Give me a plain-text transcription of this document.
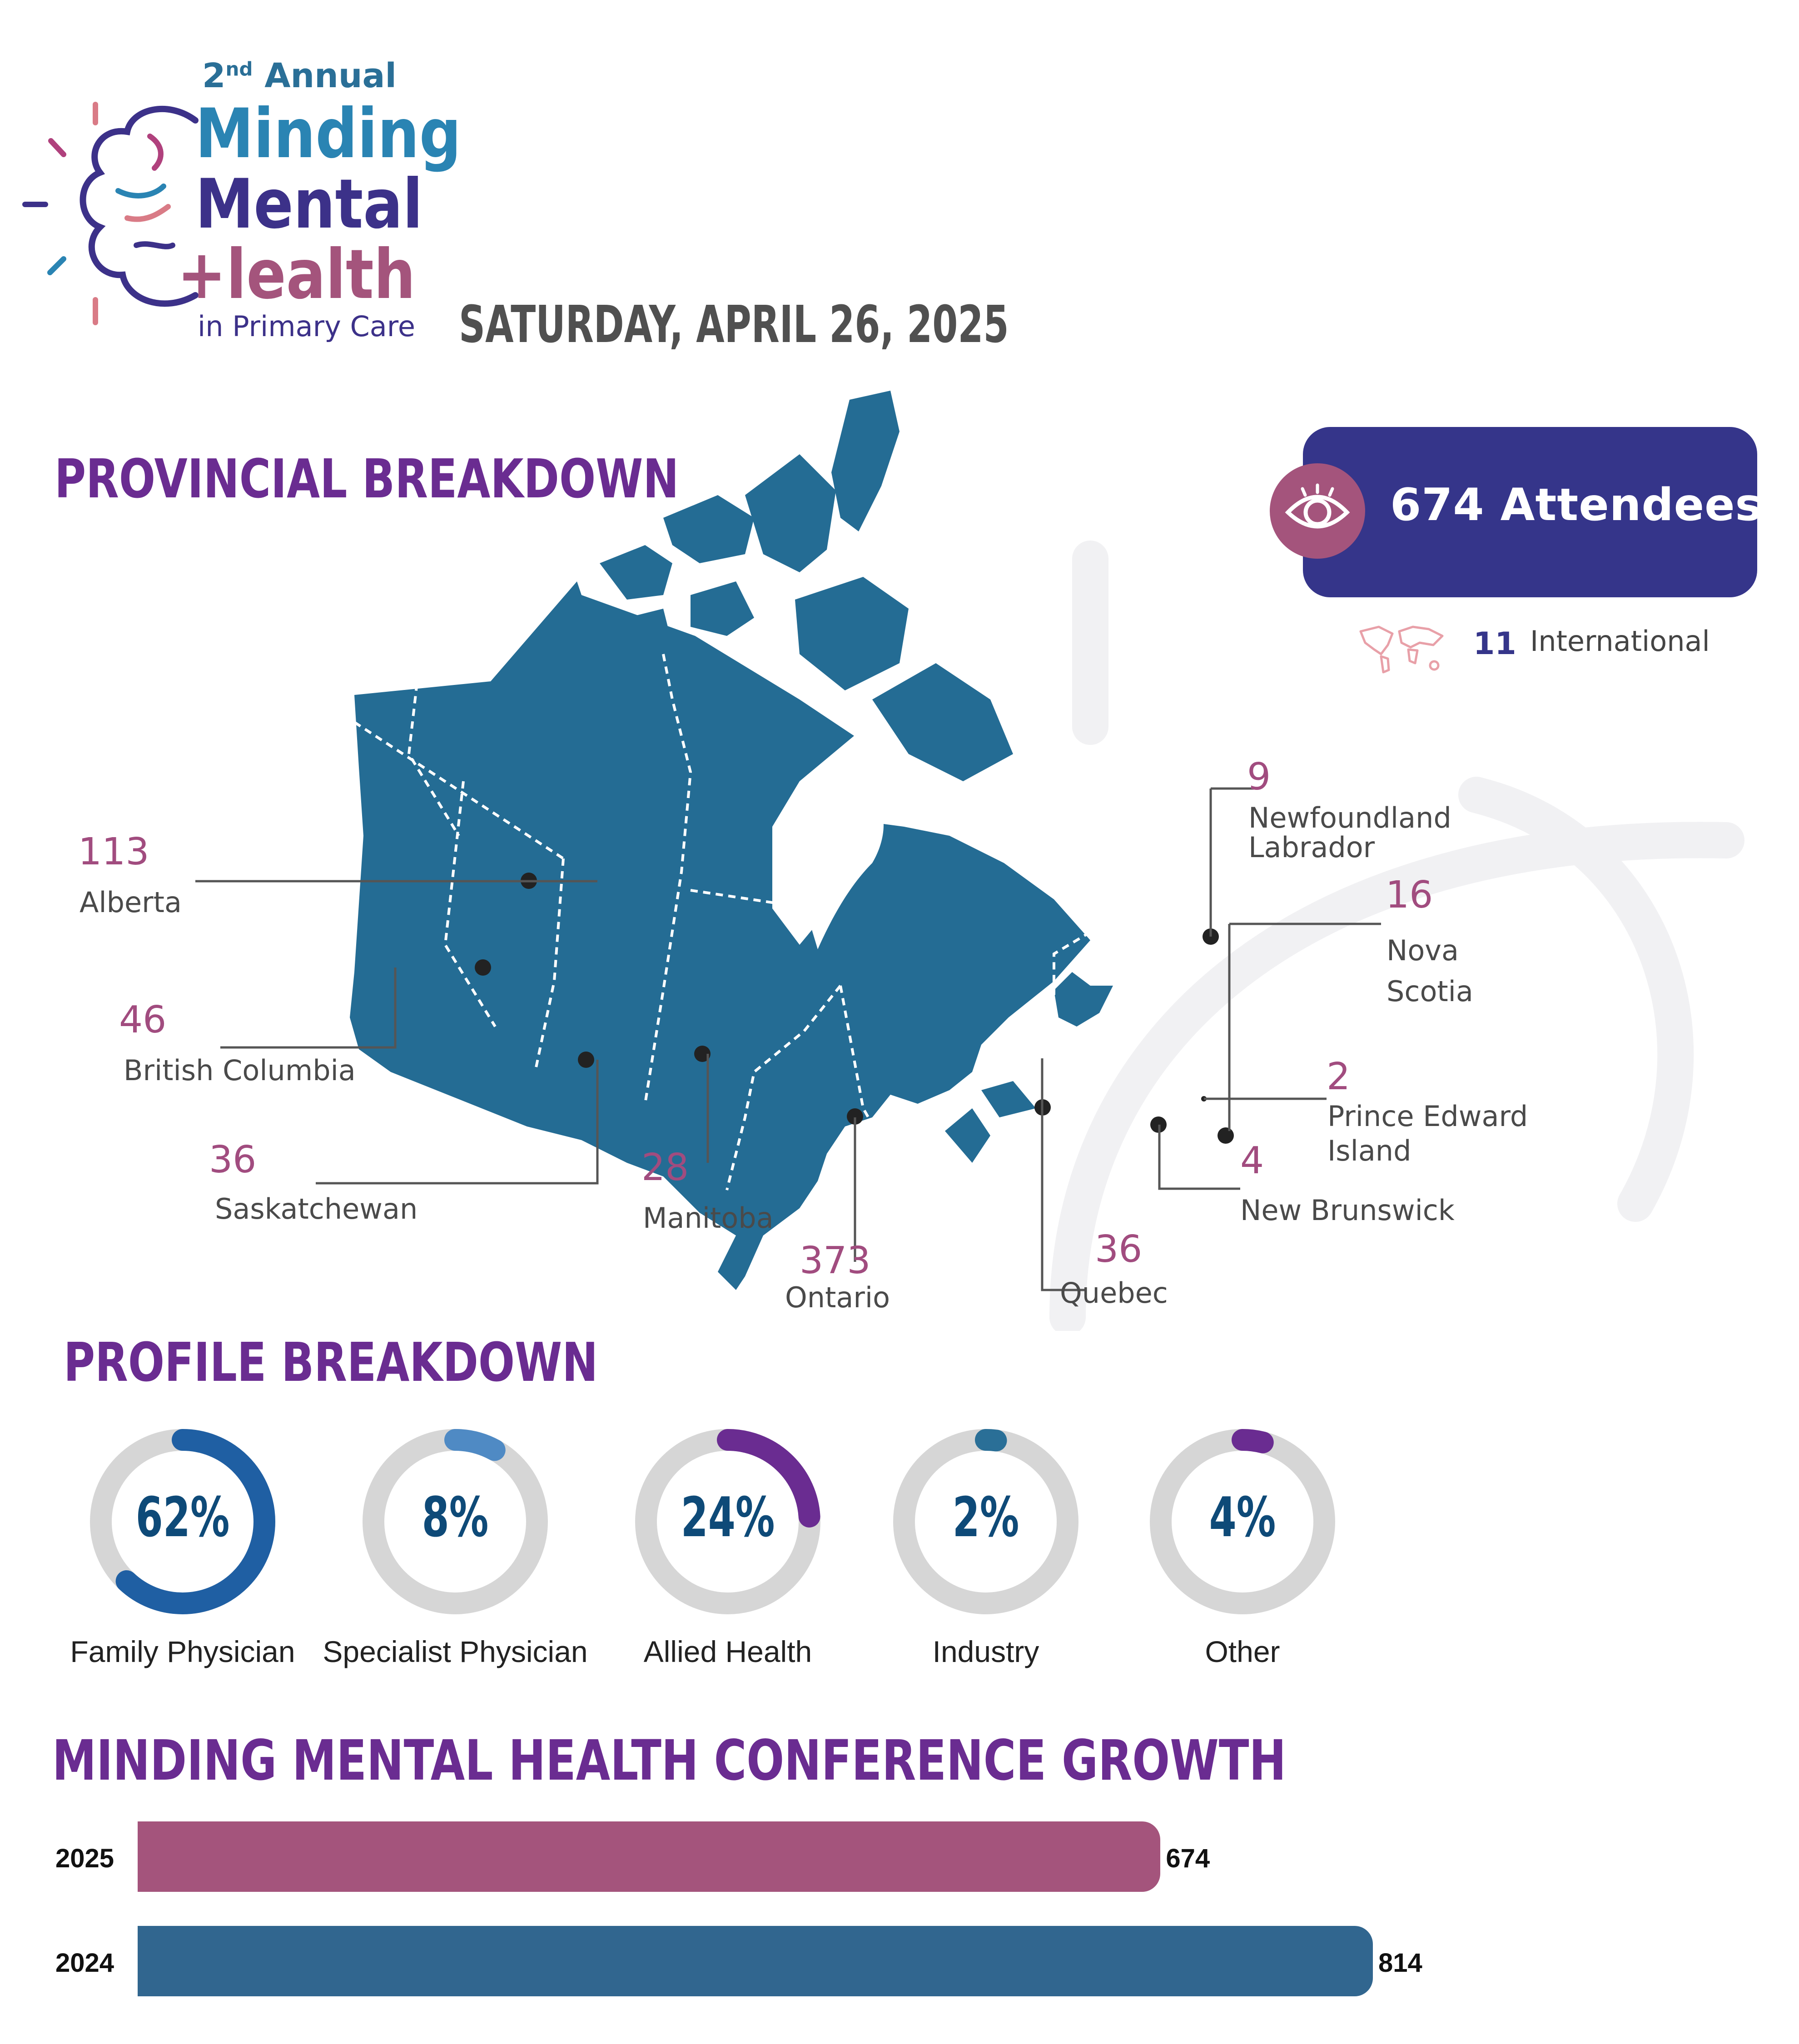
2nd Annual
Minding
Mental
+lealth
in Primary Care SATURDAY, APRIL 26, 2025
PROVINCIAL BREAKDOWN
113
Alberta
46
British Columbia
36
Saskatchewan
28
Manitoba
373
Ontario
36
Quebec
9
Newfoundland
Labrador
16
Nova
Scotia
2
Prince Edward
Island
4
New Brunswick
674 Attendees
11 International
PROFILE BREAKDOWN
62%
Family Physician
8%
Specialist Physician
24%
Allied Health
2%
Industry
4%
Other
MINDING MENTAL HEALTH CONFERENCE GROWTH
2025	674
2024	814
